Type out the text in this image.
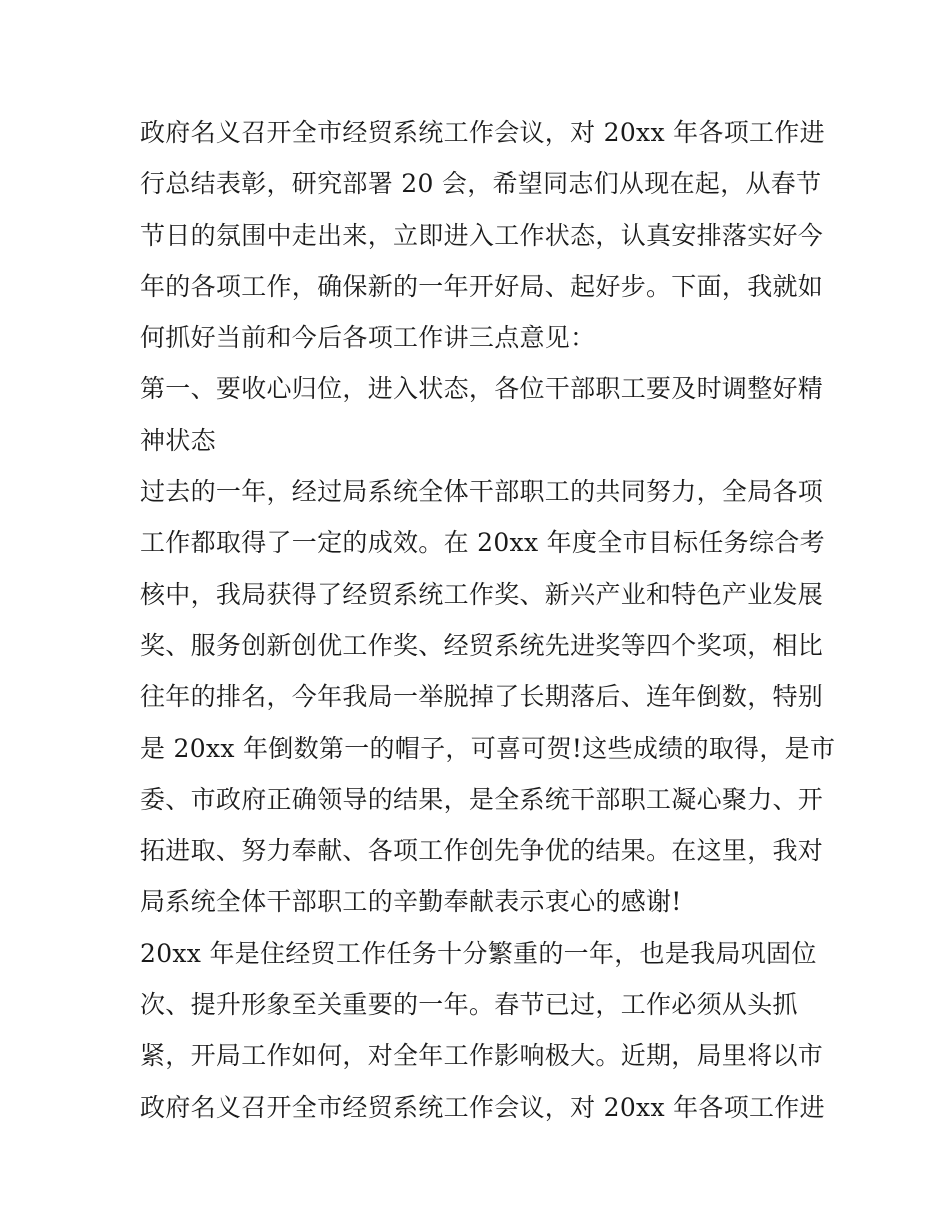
政府名义召开全市经贸系统工作会议，对 20xx 年各项工作进
行总结表彰，研究部署 20 会，希望同志们从现在起，从春节
节日的氛围中走出来，立即进入工作状态，认真安排落实好今
年的各项工作，确保新的一年开好局、起好步。下面，我就如
何抓好当前和今后各项工作讲三点意见：
第一、要收心归位，进入状态，各位干部职工要及时调整好精
神状态
过去的一年，经过局系统全体干部职工的共同努力，全局各项
工作都取得了一定的成效。在 20xx 年度全市目标任务综合考
核中，我局获得了经贸系统工作奖、新兴产业和特色产业发展
奖、服务创新创优工作奖、经贸系统先进奖等四个奖项，相比
往年的排名，今年我局一举脱掉了长期落后、连年倒数，特别
是 20xx 年倒数第一的帽子，可喜可贺!这些成绩的取得，是市
委、市政府正确领导的结果，是全系统干部职工凝心聚力、开
拓进取、努力奉献、各项工作创先争优的结果。在这里，我对
局系统全体干部职工的辛勤奉献表示衷心的感谢!
20xx 年是住经贸工作任务十分繁重的一年，也是我局巩固位
次、提升形象至关重要的一年。春节已过，工作必须从头抓
紧，开局工作如何，对全年工作影响极大。近期，局里将以市
政府名义召开全市经贸系统工作会议，对 20xx 年各项工作进
